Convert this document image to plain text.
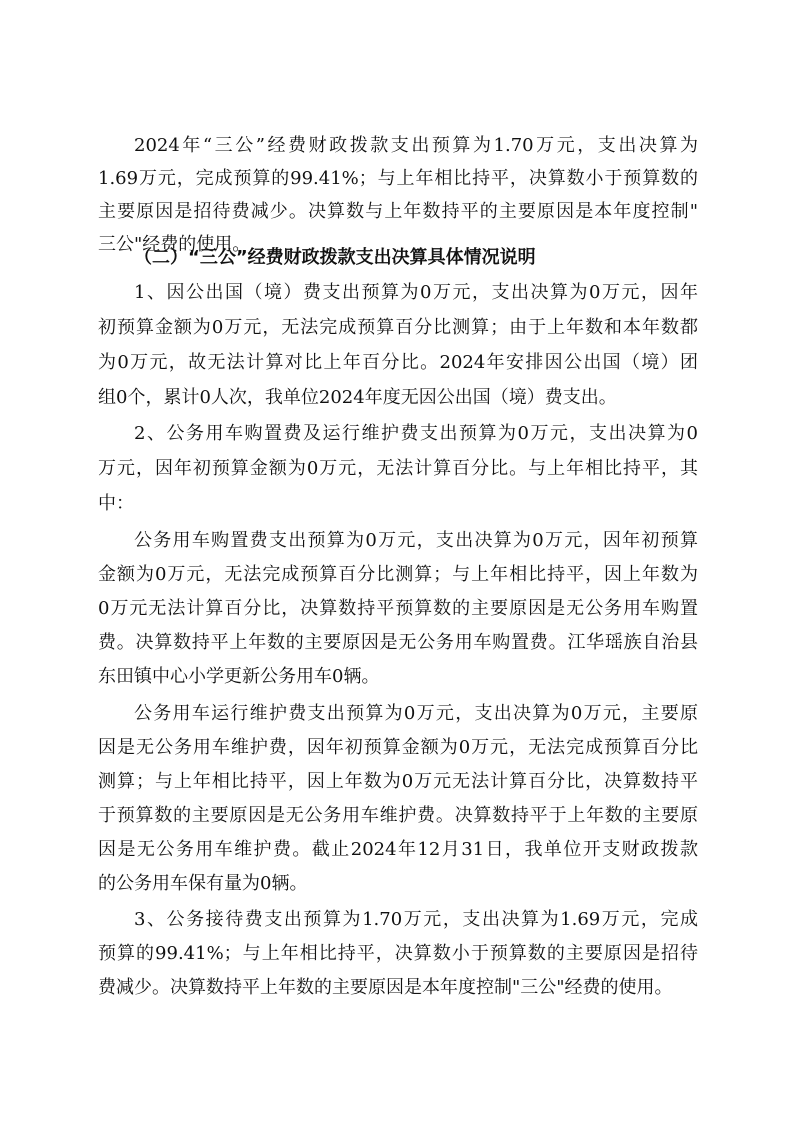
2024年“三公”经费财政拨款支出预算为1.70万元，支出决算为
1.69万元，完成预算的99.41%；与上年相比持平，决算数小于预算数的
主要原因是招待费减少。决算数与上年数持平的主要原因是本年度控制"
三公"经费的使用。
（二）“三公”经费财政拨款支出决算具体情况说明
1、因公出国（境）费支出预算为0万元，支出决算为0万元，因年
初预算金额为0万元，无法完成预算百分比测算；由于上年数和本年数都
为0万元，故无法计算对比上年百分比。2024年安排因公出国（境）团
组0个，累计0人次，我单位2024年度无因公出国（境）费支出。
2、公务用车购置费及运行维护费支出预算为0万元，支出决算为0
万元，因年初预算金额为0万元，无法计算百分比。与上年相比持平，其
中：
公务用车购置费支出预算为0万元，支出决算为0万元，因年初预算
金额为0万元，无法完成预算百分比测算；与上年相比持平，因上年数为
0万元无法计算百分比，决算数持平预算数的主要原因是无公务用车购置
费。决算数持平上年数的主要原因是无公务用车购置费。江华瑶族自治县
东田镇中心小学更新公务用车0辆。
公务用车运行维护费支出预算为0万元，支出决算为0万元，主要原
因是无公务用车维护费，因年初预算金额为0万元，无法完成预算百分比
测算；与上年相比持平，因上年数为0万元无法计算百分比，决算数持平
于预算数的主要原因是无公务用车维护费。决算数持平于上年数的主要原
因是无公务用车维护费。截止2024年12月31日，我单位开支财政拨款
的公务用车保有量为0辆。
3、公务接待费支出预算为1.70万元，支出决算为1.69万元，完成
预算的99.41%；与上年相比持平，决算数小于预算数的主要原因是招待
费减少。决算数持平上年数的主要原因是本年度控制"三公"经费的使用。
